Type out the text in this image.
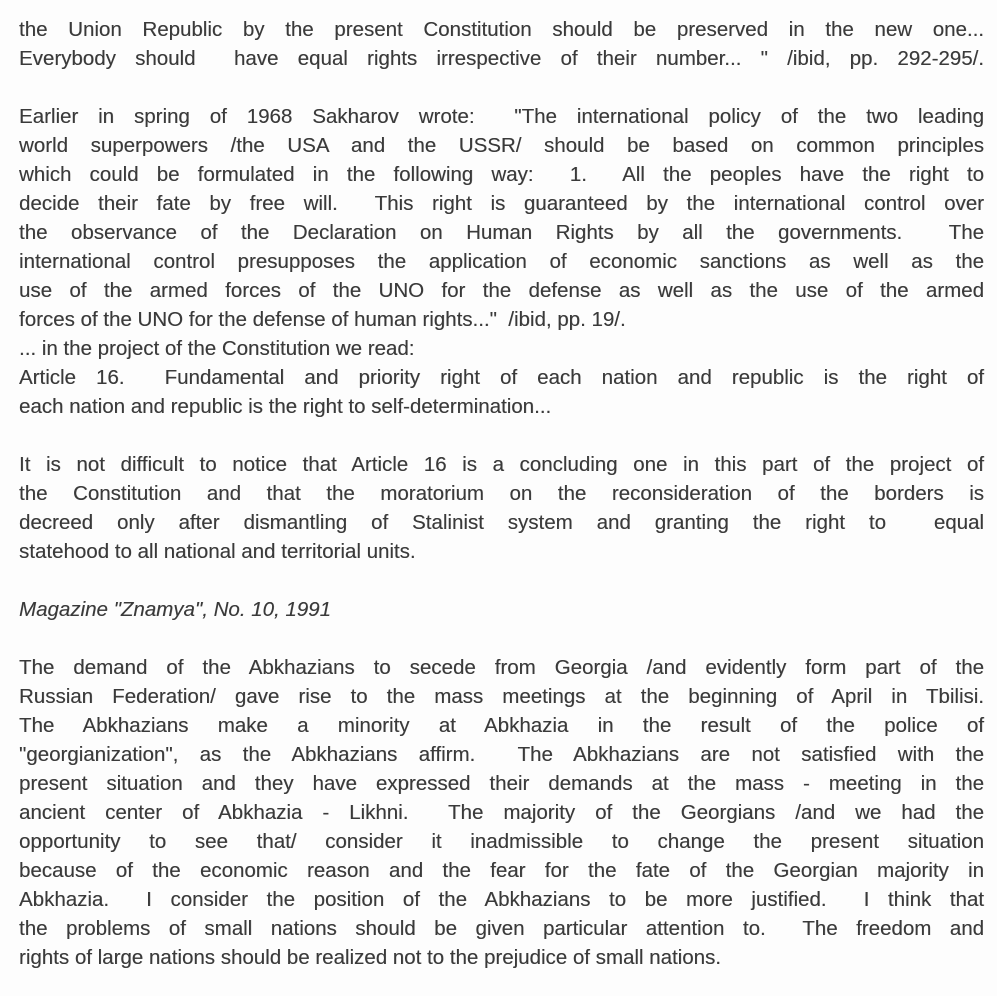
the Union Republic by the present Constitution should be preserved in the new one...
Everybody should  have equal rights irrespective of their number... " /ibid, pp. 292-295/.
Earlier in spring of 1968 Sakharov wrote:  "The international policy of the two leading
world superpowers /the USA and the USSR/ should be based on common principles
which could be formulated in the following way:  1.  All the peoples have the right to
decide their fate by free will.  This right is guaranteed by the international control over
the observance of the Declaration on Human Rights by all the governments.  The
international control presupposes the application of economic sanctions as well as the
use of the armed forces of the UNO for the defense as well as the use of the armed
forces of the UNO for the defense of human rights..."  /ibid, pp. 19/.
... in the project of the Constitution we read:
Article 16.  Fundamental and priority right of each nation and republic is the right of
each nation and republic is the right to self-determination...
It is not difficult to notice that Article 16 is a concluding one in this part of the project of
the Constitution and that the moratorium on the reconsideration of the borders is
decreed only after dismantling of Stalinist system and granting the right to  equal
statehood to all national and territorial units.
Magazine "Znamya", No. 10, 1991
The demand of the Abkhazians to secede from Georgia /and evidently form part of the
Russian Federation/ gave rise to the mass meetings at the beginning of April in Tbilisi.
The Abkhazians make a minority at Abkhazia in the result of the police of
"georgianization", as the Abkhazians affirm.  The Abkhazians are not satisfied with the
present situation and they have expressed their demands at the mass - meeting in the
ancient center of Abkhazia - Likhni.  The majority of the Georgians /and we had the
opportunity to see that/ consider it inadmissible to change the present situation
because of the economic reason and the fear for the fate of the Georgian majority in
Abkhazia.  I consider the position of the Abkhazians to be more justified.  I think that
the problems of small nations should be given particular attention to.  The freedom and
rights of large nations should be realized not to the prejudice of small nations.
